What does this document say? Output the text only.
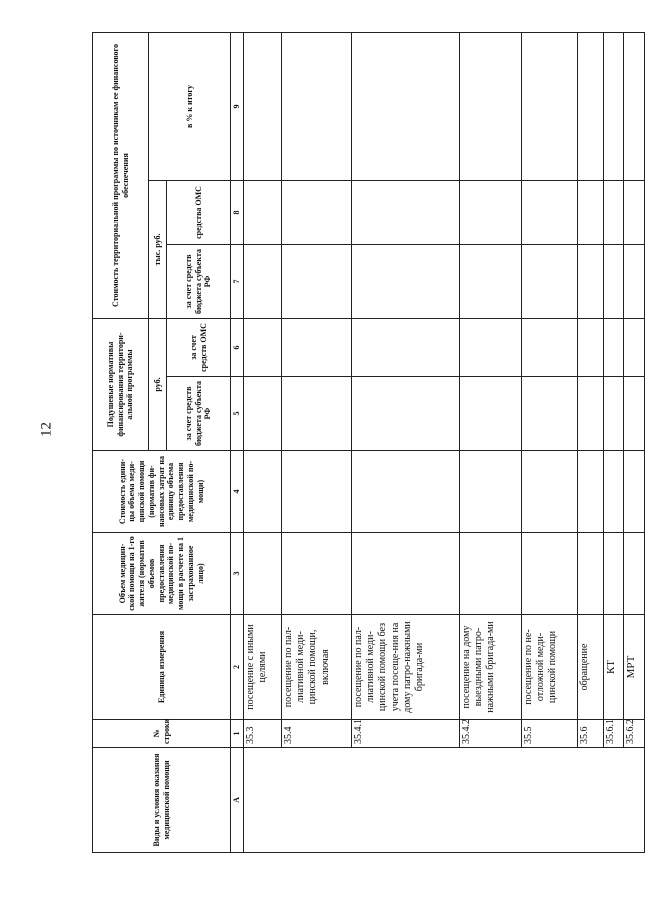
12
Виды и условия оказания медицинской помощи	№ строки	Единица измерения	Объем медицин-ской помощи на 1-го жителя (норматив объемов предоставления медицинской по-мощи в расчете на 1 застрахованное лицо)	Стоимость едини-цы объема меди-цинской помощи (норматив фи-нансовых затрат на единицу объема предоставления медицинской по-мощи)	Подушевые нормативы финансирования территори-альной программы		Стоимость территориальной программы по источникам ее финансового обеспечения		
					руб.		тыс. руб.		в % к итогу
					за счет средств бюджета субъекта РФ	за счет средств ОМС	за счет средств бюджета субъекта РФ	средства ОМС	
А	1	2	3	4	5	6	7	8	9
	35.3	посещение с иными целями							
	35.4	посещение по пал-лиативной меди-цинской помощи, включая							
	35.4.1	посещение по пал-лиативной меди-цинской помощи без учета посеще-ния на дому патро-нажными бригада-ми							
	35.4.2	посещение на дому выездными патро-нажными бригада-ми							
	35.5	посещение по не-отложной меди-цинской помощи							
	35.6	обращение							
	35.6.1	КТ							
	35.6.2	МРТ							
